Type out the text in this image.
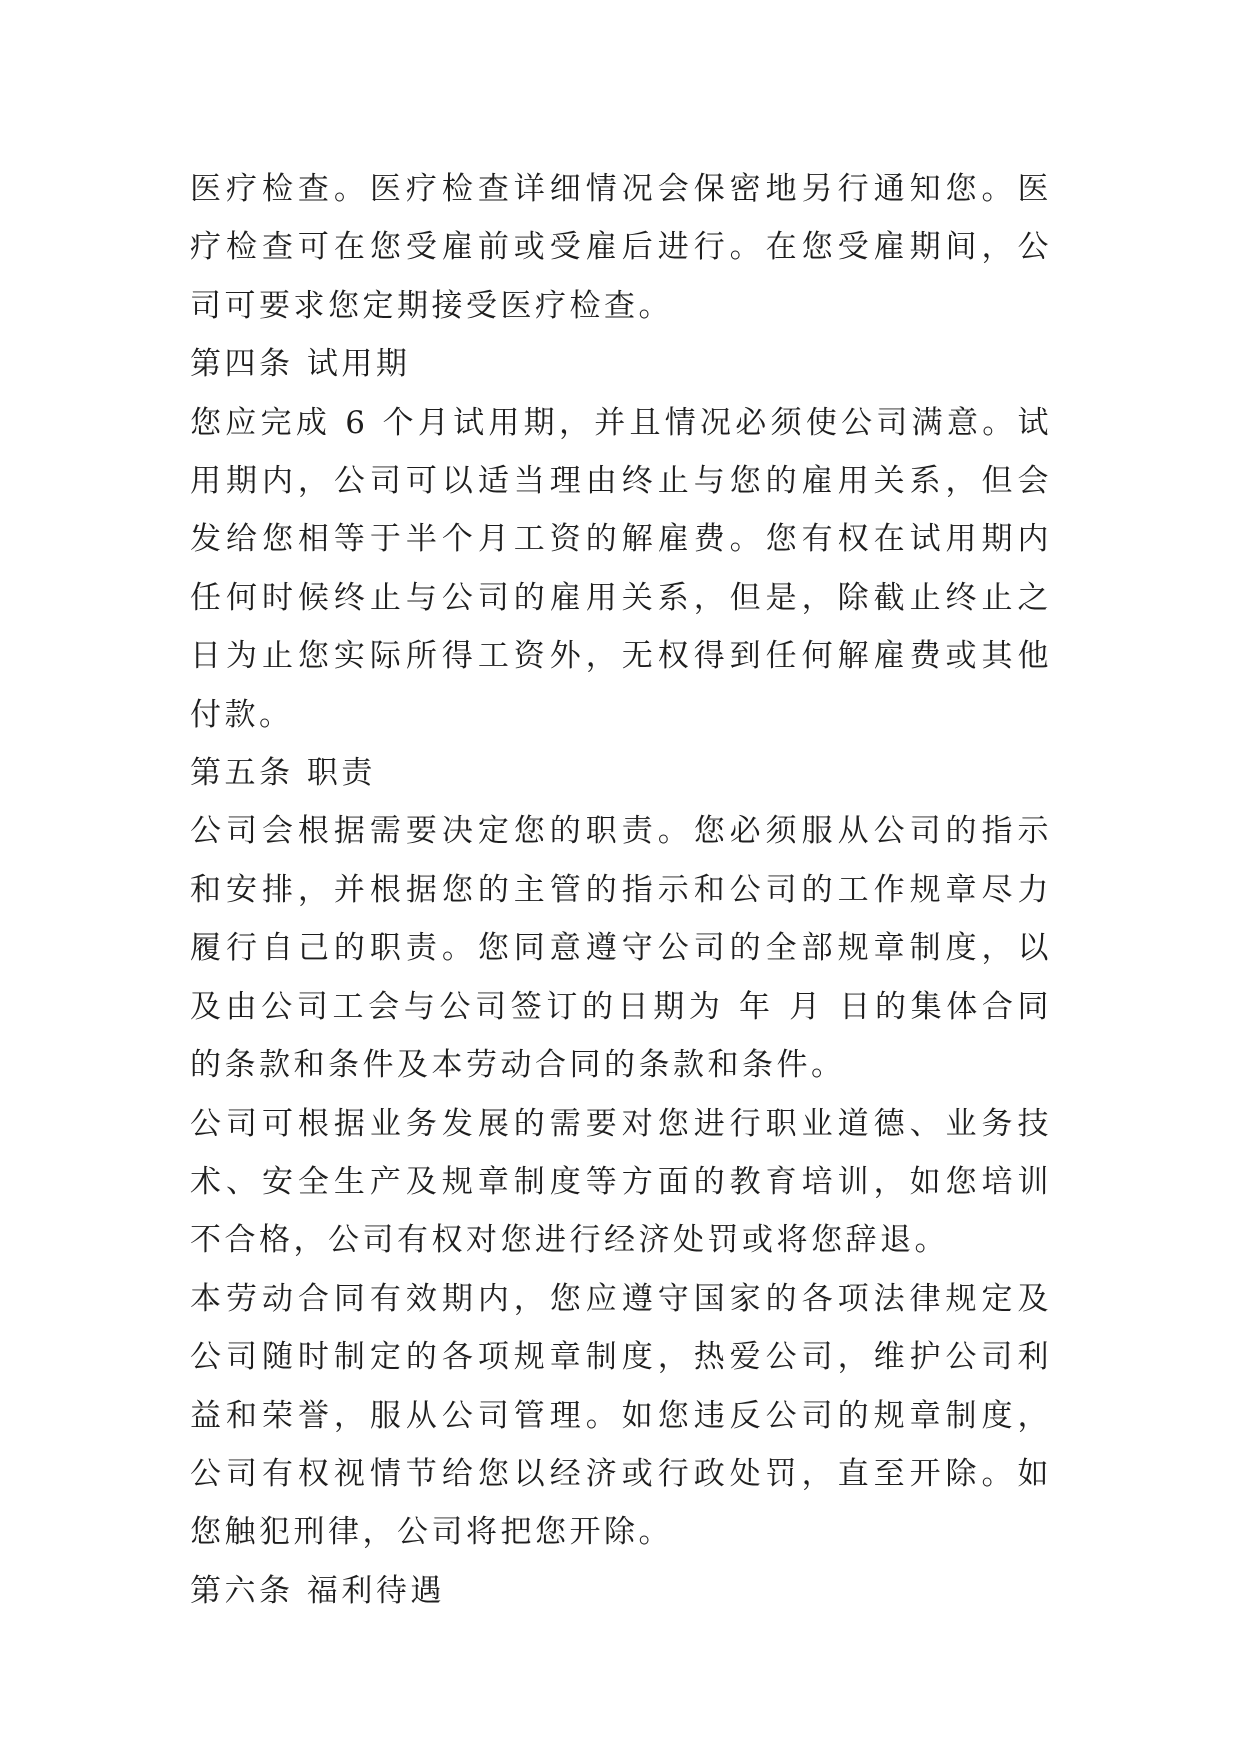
医疗检查。医疗检查详细情况会保密地另行通知您。医疗检查可在您受雇前或受雇后进行。在您受雇期间，公司可要求您定期接受医疗检查。

第四条 试用期

您应完成 6 个月试用期，并且情况必须使公司满意。试用期内，公司可以适当理由终止与您的雇用关系，但会发给您相等于半个月工资的解雇费。您有权在试用期内任何时候终止与公司的雇用关系，但是，除截止终止之日为止您实际所得工资外，无权得到任何解雇费或其他付款。

第五条 职责

公司会根据需要决定您的职责。您必须服从公司的指示和安排，并根据您的主管的指示和公司的工作规章尽力履行自己的职责。您同意遵守公司的全部规章制度，以及由公司工会与公司签订的日期为 年 月 日的集体合同的条款和条件及本劳动合同的条款和条件。

公司可根据业务发展的需要对您进行职业道德、业务技术、安全生产及规章制度等方面的教育培训，如您培训不合格，公司有权对您进行经济处罚或将您辞退。

本劳动合同有效期内，您应遵守国家的各项法律规定及公司随时制定的各项规章制度，热爱公司，维护公司利益和荣誉，服从公司管理。如您违反公司的规章制度，公司有权视情节给您以经济或行政处罚，直至开除。如您触犯刑律，公司将把您开除。

第六条 福利待遇
